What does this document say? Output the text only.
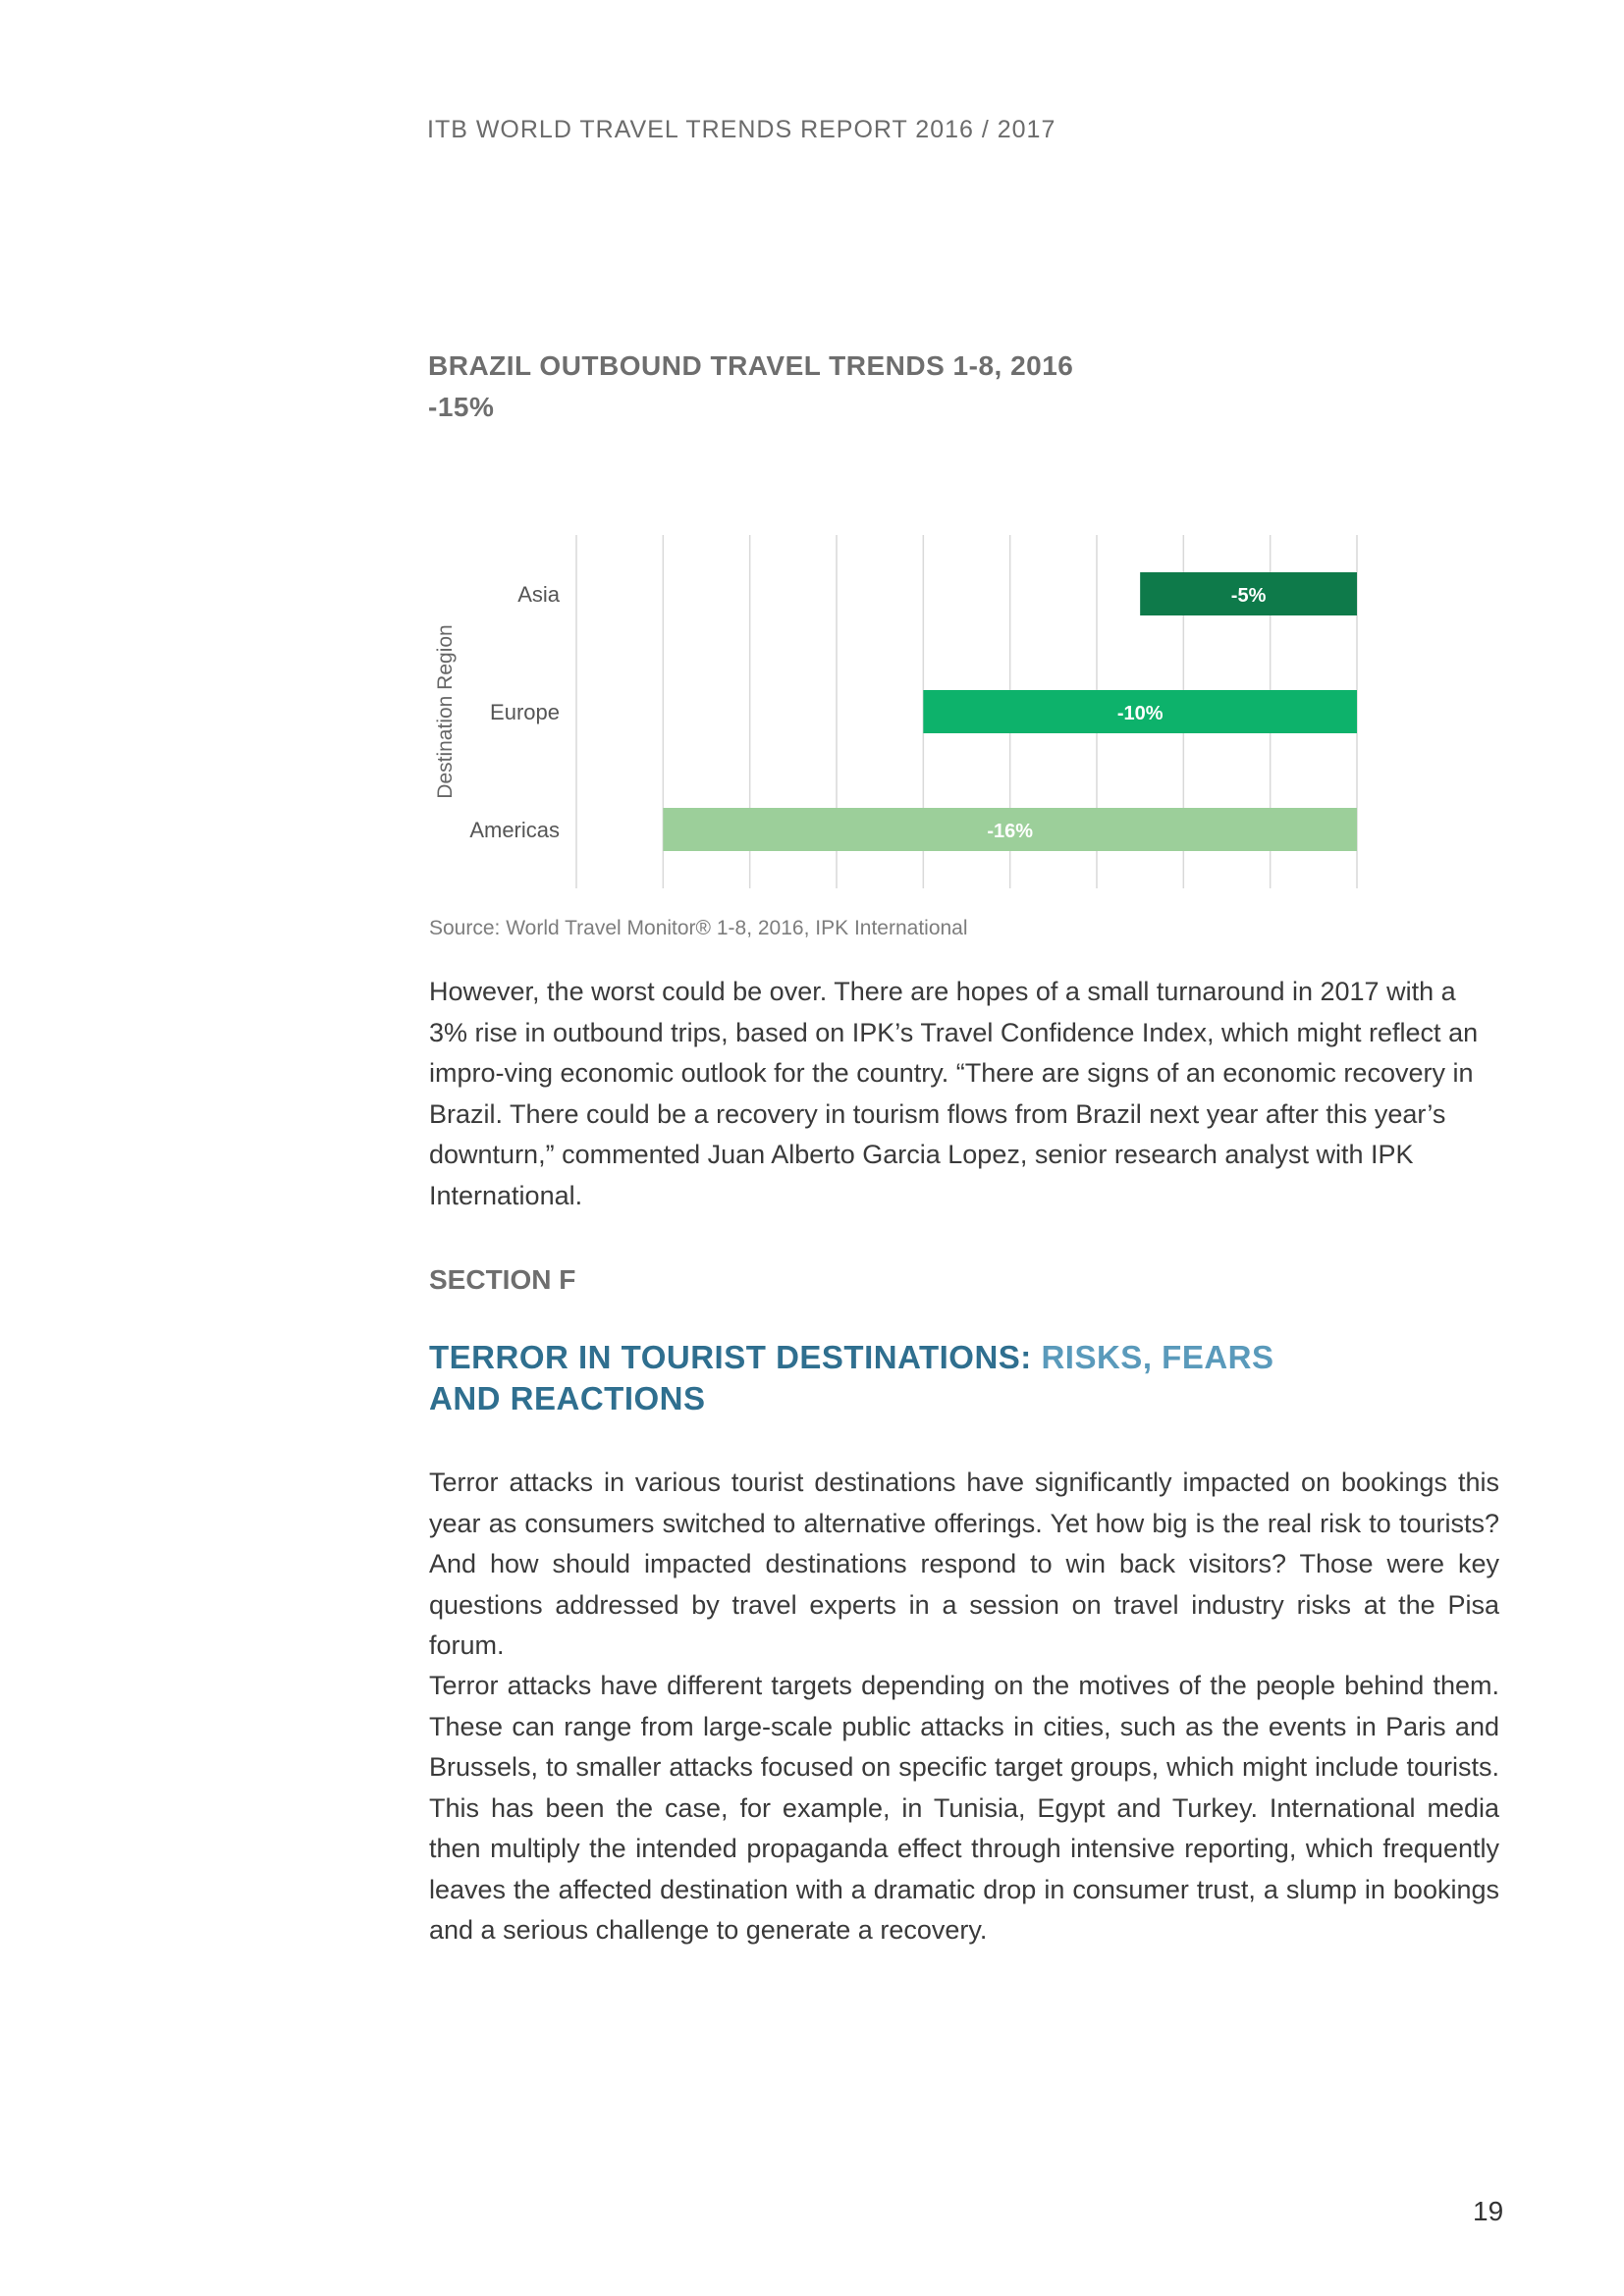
ITB WORLD TRAVEL TRENDS REPORT 2016 / 2017
BRAZIL OUTBOUND TRAVEL TRENDS 1-8, 2016
-15%
Destination Region
Asia
Europe
Americas
-5%
-10%
-16%
Source: World Travel Monitor® 1-8, 2016, IPK International

However, the worst could be over. There are hopes of a small turnaround in 2017 with a 3% rise in outbound trips, based on IPK’s Travel Confidence Index, which might reflect an impro-ving economic outlook for the country. “There are signs of an economic recovery in Brazil. There could be a recovery in tourism flows from Brazil next year after this year’s downturn,” commented Juan Alberto Garcia Lopez, senior research analyst with IPK International.

SECTION F
TERROR IN TOURIST DESTINATIONS: RISKS, FEARS
AND REACTIONS

Terror attacks in various tourist destinations have significantly impacted on bookings this year as consumers switched to alternative offerings. Yet how big is the real risk to tourists? And how should impacted destinations respond to win back visitors? Those were key questions addressed by travel experts in a session on travel industry risks at the Pisa forum.

Terror attacks have different targets depending on the motives of the people behind them. These can range from large-scale public attacks in cities, such as the events in Paris and Brussels, to smaller attacks focused on specific target groups, which might include tourists. This has been the case, for example, in Tunisia, Egypt and Turkey. International media then multiply the intended propaganda effect through intensive reporting, which frequently leaves the affected destination with a dramatic drop in consumer trust, a slump in bookings and a serious challenge to generate a recovery.

19
